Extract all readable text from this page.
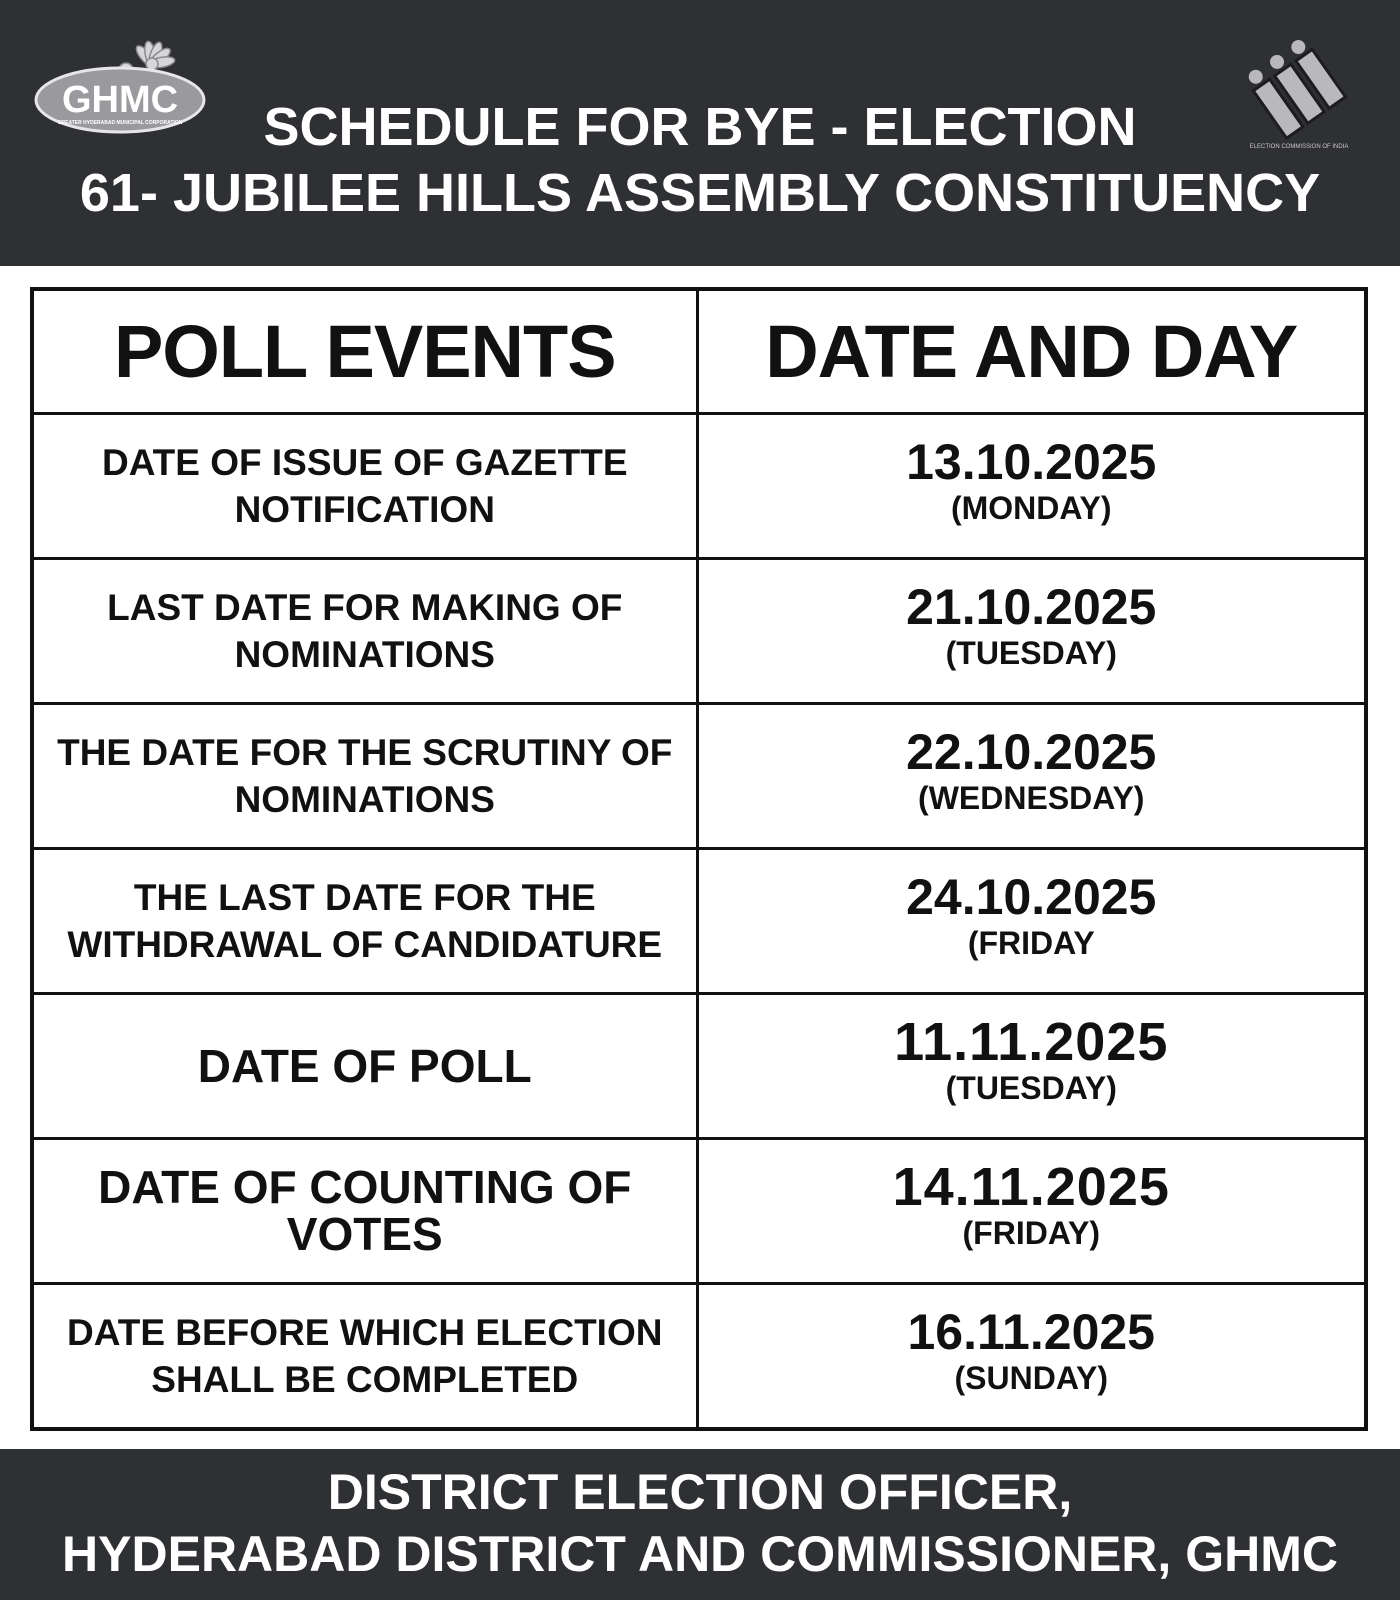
GHMC
GREATER HYDERABAD MUNICIPAL CORPORATION
ELECTION COMMISSION OF INDIA
SCHEDULE FOR BYE - ELECTION
61- JUBILEE HILLS ASSEMBLY CONSTITUENCY
POLL EVENTS	DATE AND DAY
DATE OF ISSUE OF GAZETTE
NOTIFICATION	13.10.2025
(MONDAY)

LAST DATE FOR MAKING OF
NOMINATIONS	21.10.2025
(TUESDAY)

THE DATE FOR THE SCRUTINY OF
NOMINATIONS	22.10.2025
(WEDNESDAY)

THE LAST DATE FOR THE
WITHDRAWAL OF CANDIDATURE	24.10.2025
(FRIDAY

DATE OF POLL	11.11.2025
(TUESDAY)

DATE OF COUNTING OF VOTES	14.11.2025
(FRIDAY)

DATE BEFORE WHICH ELECTION
SHALL BE COMPLETED	16.11.2025
(SUNDAY)
DISTRICT ELECTION OFFICER,
HYDERABAD DISTRICT AND COMMISSIONER, GHMC
